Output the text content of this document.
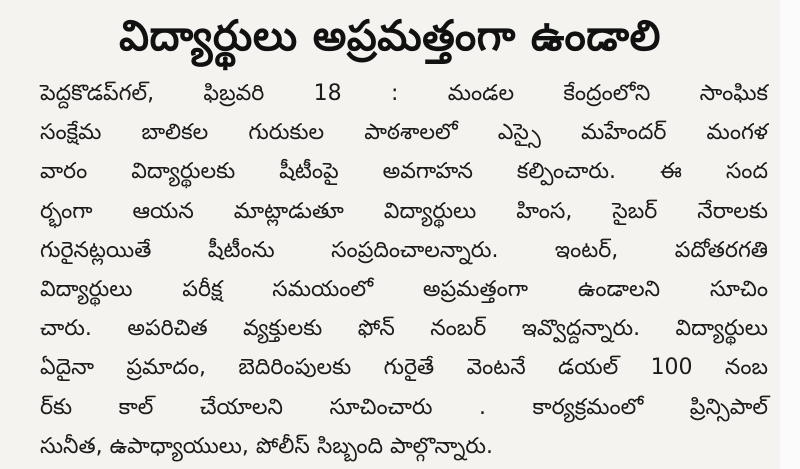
విద్యార్థులు అప్రమత్తంగా ఉండాలి
పెద్దకొడప్‌గల్‌, ఫిబ్రవరి 18 : మండల కేంద్రంలోని సాంఘిక
సంక్షేమ బాలికల గురుకుల పాఠశాలలో ఎస్సై మహేందర్‌ మంగళ
వారం విద్యార్థులకు షీటీంపై అవగాహన కల్పించారు. ఈ సంద
ర్భంగా ఆయన మాట్లాడుతూ విద్యార్థులు హింస, సైబర్‌ నేరాలకు
గురైనట్లయితే షీటీంను సంప్రదించాలన్నారు. ఇంటర్‌, పదోతరగతి
విద్యార్థులు పరీక్ష సమయంలో అప్రమత్తంగా ఉండాలని సూచిం
చారు. అపరిచిత వ్యక్తులకు ఫోన్‌ నంబర్‌ ఇవ్వొద్దన్నారు. విద్యార్థులు
ఏదైనా ప్రమాదం, బెదిరింపులకు గురైతే వెంటనే డయల్‌ 100 నంబ
ర్‌కు కాల్‌ చేయాలని సూచించారు . కార్యక్రమంలో ప్రిన్సిపాల్‌
సునీత, ఉపాధ్యాయులు, పోలీస్‌ సిబ్బంది పాల్గొన్నారు.
